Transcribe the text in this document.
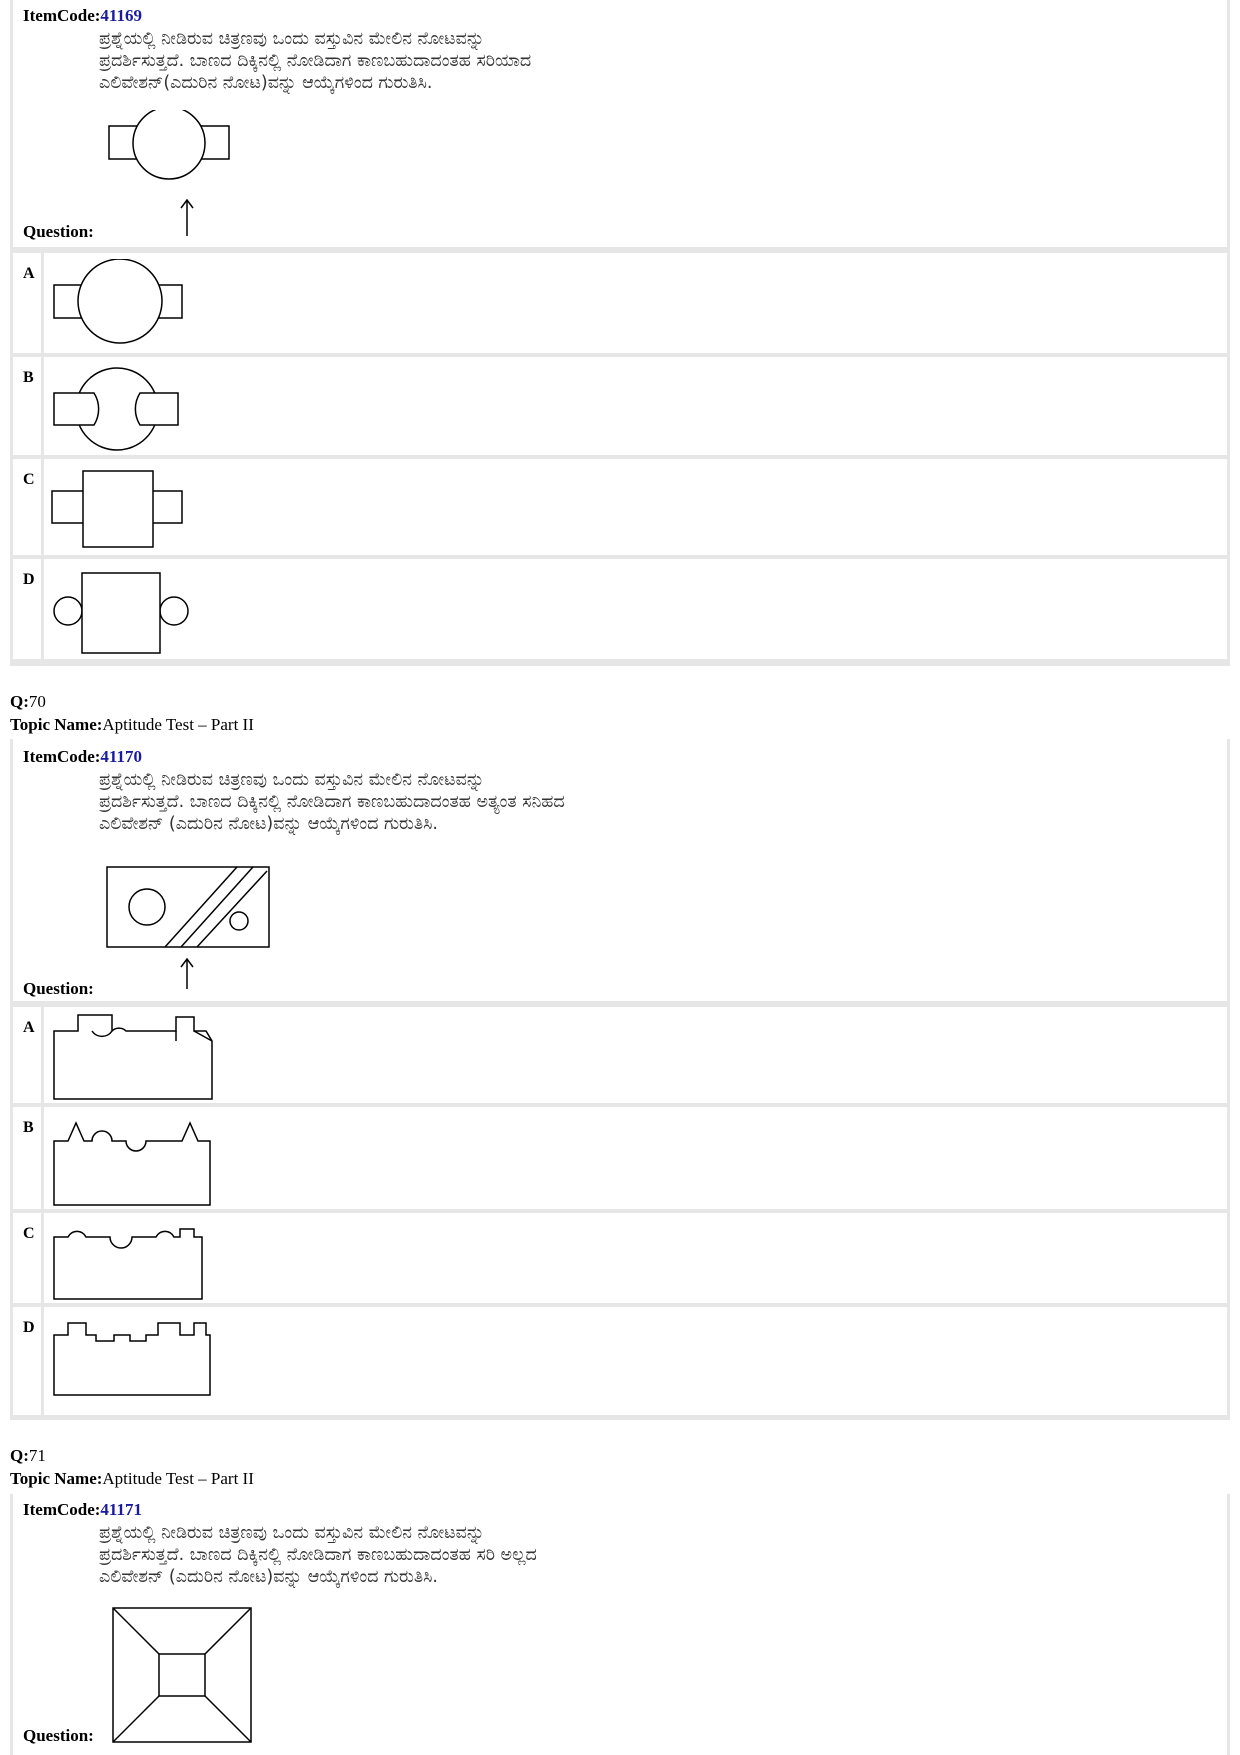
ItemCode:41169
ಪ್ರಶ್ನೆಯಲ್ಲಿ ನೀಡಿರುವ ಚಿತ್ರಣವು ಒಂದು ವಸ್ತುವಿನ ಮೇಲಿನ ನೋಟವನ್ನು
ಪ್ರದರ್ಶಿಸುತ್ತದೆ. ಬಾಣದ ದಿಕ್ಕಿನಲ್ಲಿ ನೋಡಿದಾಗ ಕಾಣಬಹುದಾದಂತಹ ಸರಿಯಾದ
ಎಲಿವೇಶನ್(ಎದುರಿನ ನೋಟ)ವನ್ನು ಆಯ್ಕೆಗಳಿಂದ ಗುರುತಿಸಿ.
Question:
A
B
C
D
Q:70
Topic Name:Aptitude Test – Part II
ItemCode:41170
ಪ್ರಶ್ನೆಯಲ್ಲಿ ನೀಡಿರುವ ಚಿತ್ರಣವು ಒಂದು ವಸ್ತುವಿನ ಮೇಲಿನ ನೋಟವನ್ನು
ಪ್ರದರ್ಶಿಸುತ್ತದೆ. ಬಾಣದ ದಿಕ್ಕಿನಲ್ಲಿ ನೋಡಿದಾಗ ಕಾಣಬಹುದಾದಂತಹ ಅತ್ಯಂತ ಸನಿಹದ
ಎಲಿವೇಶನ್ (ಎದುರಿನ ನೋಟ)ವನ್ನು ಆಯ್ಕೆಗಳಿಂದ ಗುರುತಿಸಿ.
Question:
A
B
C
D
Q:71
Topic Name:Aptitude Test – Part II
ItemCode:41171
ಪ್ರಶ್ನೆಯಲ್ಲಿ ನೀಡಿರುವ ಚಿತ್ರಣವು ಒಂದು ವಸ್ತುವಿನ ಮೇಲಿನ ನೋಟವನ್ನು
ಪ್ರದರ್ಶಿಸುತ್ತದೆ. ಬಾಣದ ದಿಕ್ಕಿನಲ್ಲಿ ನೋಡಿದಾಗ ಕಾಣಬಹುದಾದಂತಹ ಸರಿ ಅಲ್ಲದ
ಎಲಿವೇಶನ್ (ಎದುರಿನ ನೋಟ)ವನ್ನು ಆಯ್ಕೆಗಳಿಂದ ಗುರುತಿಸಿ.
Question:
